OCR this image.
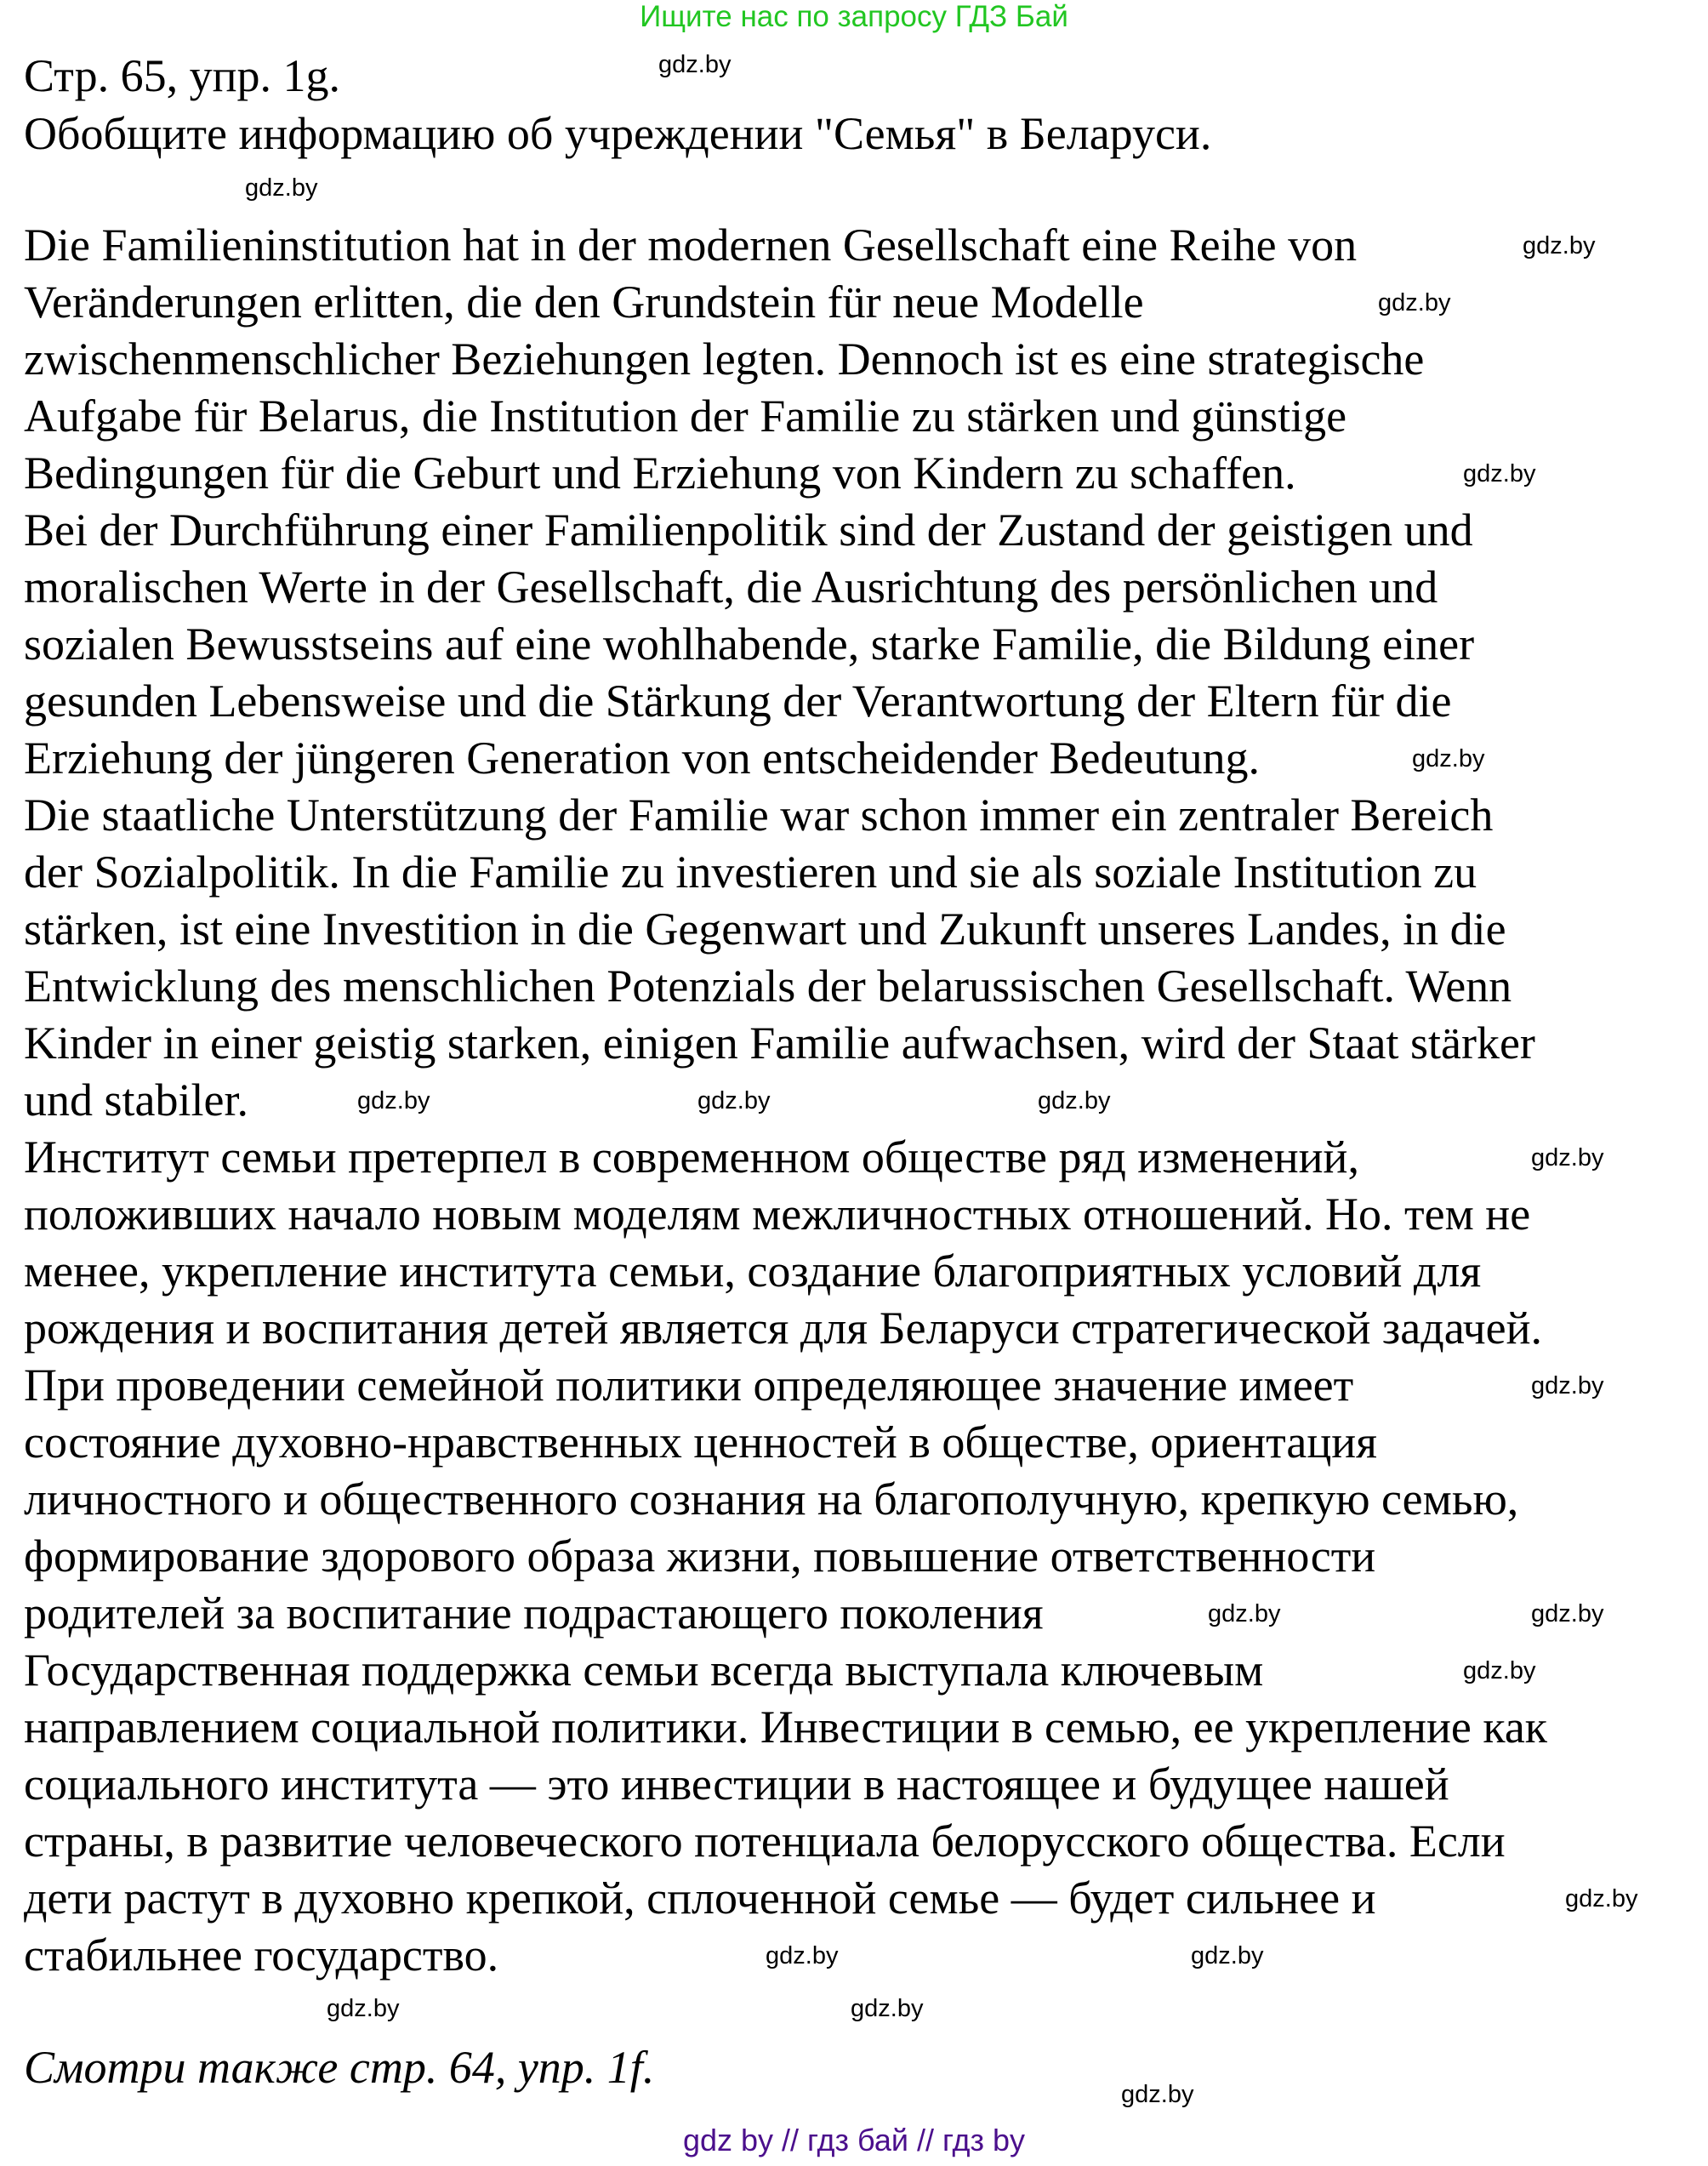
Ищите нас по запросу ГДЗ Бай
Стр. 65, упр. 1g.
Обобщите информацию об учреждении "Семья" в Беларуси.
Die Familieninstitution hat in der modernen Gesellschaft eine Reihe von
Veränderungen erlitten, die den Grundstein für neue Modelle
zwischenmenschlicher Beziehungen legten. Dennoch ist es eine strategische
Aufgabe für Belarus, die Institution der Familie zu stärken und günstige
Bedingungen für die Geburt und Erziehung von Kindern zu schaffen.
Bei der Durchführung einer Familienpolitik sind der Zustand der geistigen und
moralischen Werte in der Gesellschaft, die Ausrichtung des persönlichen und
sozialen Bewusstseins auf eine wohlhabende, starke Familie, die Bildung einer
gesunden Lebensweise und die Stärkung der Verantwortung der Eltern für die
Erziehung der jüngeren Generation von entscheidender Bedeutung.
Die staatliche Unterstützung der Familie war schon immer ein zentraler Bereich
der Sozialpolitik. In die Familie zu investieren und sie als soziale Institution zu
stärken, ist eine Investition in die Gegenwart und Zukunft unseres Landes, in die
Entwicklung des menschlichen Potenzials der belarussischen Gesellschaft. Wenn
Kinder in einer geistig starken, einigen Familie aufwachsen, wird der Staat stärker
und stabiler.
Институт семьи претерпел в современном обществе ряд изменений,
положивших начало новым моделям межличностных отношений. Но. тем не
менее, укрепление института семьи, создание благоприятных условий для
рождения и воспитания детей является для Беларуси стратегической задачей.
При проведении семейной политики определяющее значение имеет
состояние духовно-нравственных ценностей в обществе, ориентация
личностного и общественного сознания на благополучную, крепкую семью,
формирование здорового образа жизни, повышение ответственности
родителей за воспитание подрастающего поколения
Государственная поддержка семьи всегда выступала ключевым
направлением социальной политики. Инвестиции в семью, ее укрепление как
социального института — это инвестиции в настоящее и будущее нашей
страны, в развитие человеческого потенциала белорусского общества. Если
дети растут в духовно крепкой, сплоченной семье — будет сильнее и
стабильнее государство.
Смотри также стр. 64, упр. 1f.
gdz.by
gdz.by
gdz.by
gdz.by
gdz.by
gdz.by
gdz.by	gdz.by	gdz.by
gdz.by
gdz.by
gdz.by	gdz.by
gdz.by
gdz.by
gdz.by	gdz.by
gdz.by	gdz.by
gdz.by
gdz by // гдз бай // гдз by
